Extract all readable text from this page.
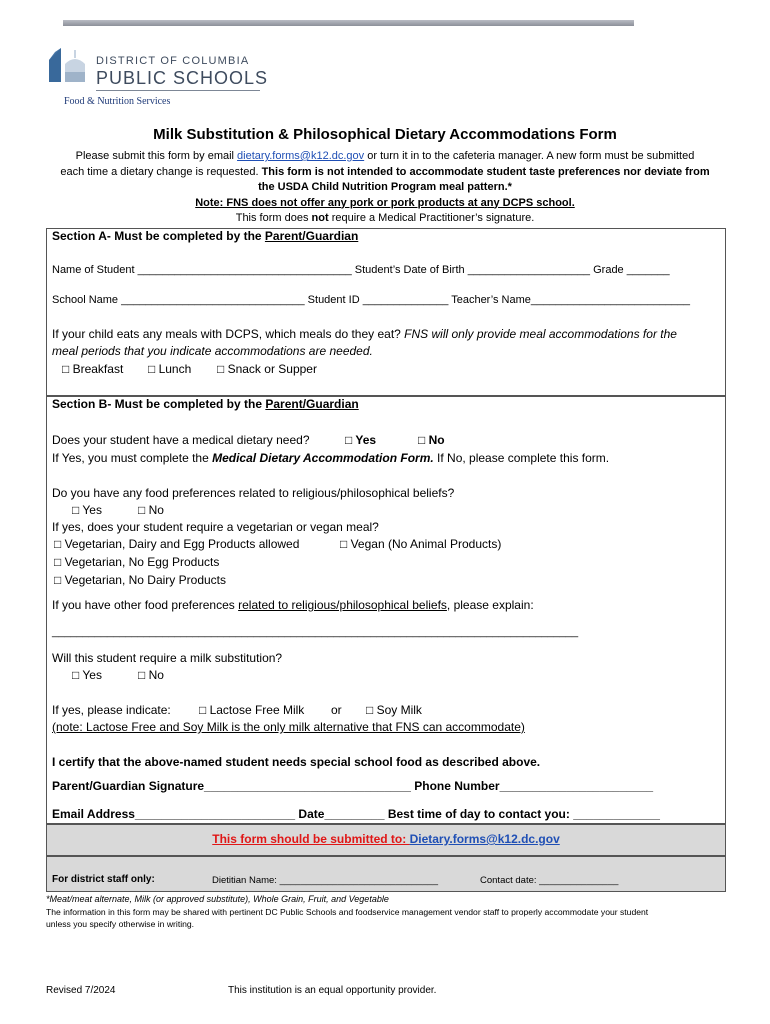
DISTRICT OF COLUMBIA
PUBLIC SCHOOLS
Food & Nutrition Services
Milk Substitution & Philosophical Dietary Accommodations Form
Please submit this form by email dietary.forms@k12.dc.gov or turn it in to the cafeteria manager. A new form must be submitted
each time a dietary change is requested. This form is not intended to accommodate student taste preferences nor deviate from
the USDA Child Nutrition Program meal pattern.*
Note: FNS does not offer any pork or pork products at any DCPS school.
This form does not require a Medical Practitioner’s signature.
Section A- Must be completed by the Parent/Guardian
Name of Student ___________________________________ Student’s Date of Birth ____________________ Grade _______
School Name ______________________________ Student ID ______________ Teacher’s Name__________________________
If your child eats any meals with DCPS, which meals do they eat? FNS will only provide meal accommodations for the
meal periods that you indicate accommodations are needed.
□ Breakfast □ Lunch □ Snack or Supper
Section B- Must be completed by the Parent/Guardian
Does your student have a medical dietary need?	□ Yes	□ No
If Yes, you must complete the Medical Dietary Accommodation Form. If No, please complete this form.
Do you have any food preferences related to religious/philosophical beliefs?
□ Yes	□ No
If yes, does your student require a vegetarian or vegan meal?
□ Vegetarian, Dairy and Egg Products allowed	□ Vegan (No Animal Products)
□ Vegetarian, No Egg Products
□ Vegetarian, No Dairy Products
If you have other food preferences related to religious/philosophical beliefs, please explain:
______________________________________________________________________________________
Will this student require a milk substitution?
□ Yes	□ No
If yes, please indicate: □ Lactose Free Milk or □ Soy Milk
(note: Lactose Free and Soy Milk is the only milk alternative that FNS can accommodate)
I certify that the above-named student needs special school food as described above.
Parent/Guardian Signature_______________________________ Phone Number_______________________
Email Address________________________ Date_________ Best time of day to contact you: _____________
This form should be submitted to: Dietary.forms@k12.dc.gov
For district staff only:	Dietitian Name: ______________________________	Contact date: _______________
*Meat/meat alternate, Milk (or approved substitute), Whole Grain, Fruit, and Vegetable
The information in this form may be shared with pertinent DC Public Schools and foodservice management vendor staff to properly accommodate your student
unless you specify otherwise in writing.
Revised 7/2024	This institution is an equal opportunity provider.
